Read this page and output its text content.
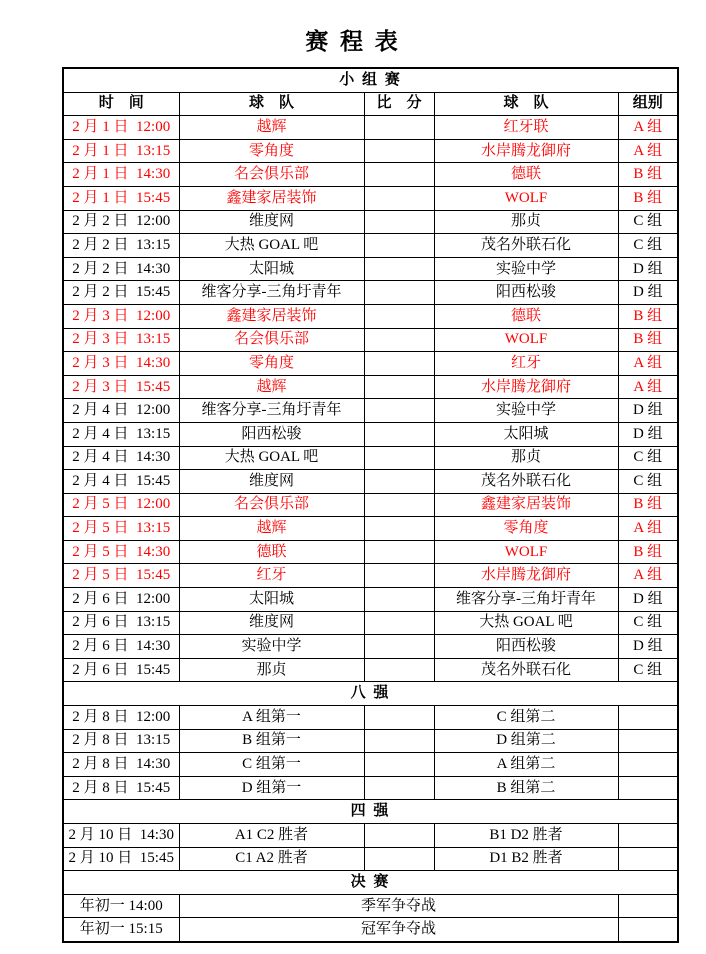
赛 程 表
小 组 赛				
时　间	球　队	比　分	球　队	组别
2 月 1 日  12:00	越辉		红牙联	A 组
2 月 1 日  13:15	零角度		水岸腾龙御府	A 组
2 月 1 日  14:30	名会俱乐部		德联	B 组
2 月 1 日  15:45	鑫建家居装饰		WOLF	B 组
2 月 2 日  12:00	维度网		那贞	C 组
2 月 2 日  13:15	大热 GOAL 吧		茂名外联石化	C 组
2 月 2 日  14:30	太阳城		实验中学	D 组
2 月 2 日  15:45	维客分享-三角圩青年		阳西松骏	D 组
2 月 3 日  12:00	鑫建家居装饰		德联	B 组
2 月 3 日  13:15	名会俱乐部		WOLF	B 组
2 月 3 日  14:30	零角度		红牙	A 组
2 月 3 日  15:45	越辉		水岸腾龙御府	A 组
2 月 4 日  12:00	维客分享-三角圩青年		实验中学	D 组
2 月 4 日  13:15	阳西松骏		太阳城	D 组
2 月 4 日  14:30	大热 GOAL 吧		那贞	C 组
2 月 4 日  15:45	维度网		茂名外联石化	C 组
2 月 5 日  12:00	名会俱乐部		鑫建家居装饰	B 组
2 月 5 日  13:15	越辉		零角度	A 组
2 月 5 日  14:30	德联		WOLF	B 组
2 月 5 日  15:45	红牙		水岸腾龙御府	A 组
2 月 6 日  12:00	太阳城		维客分享-三角圩青年	D 组
2 月 6 日  13:15	维度网		大热 GOAL 吧	C 组
2 月 6 日  14:30	实验中学		阳西松骏	D 组
2 月 6 日  15:45	那贞		茂名外联石化	C 组
八 强				
2 月 8 日  12:00	A 组第一		C 组第二	
2 月 8 日  13:15	B 组第一		D 组第二	
2 月 8 日  14:30	C 组第一		A 组第二	
2 月 8 日  15:45	D 组第一		B 组第二	
四 强				
2 月 10 日  14:30	A1 C2 胜者		B1 D2 胜者	
2 月 10 日  15:45	C1 A2 胜者		D1 B2 胜者	
决 赛				
年初一 14:00	季军争夺战			
年初一 15:15	冠军争夺战			
